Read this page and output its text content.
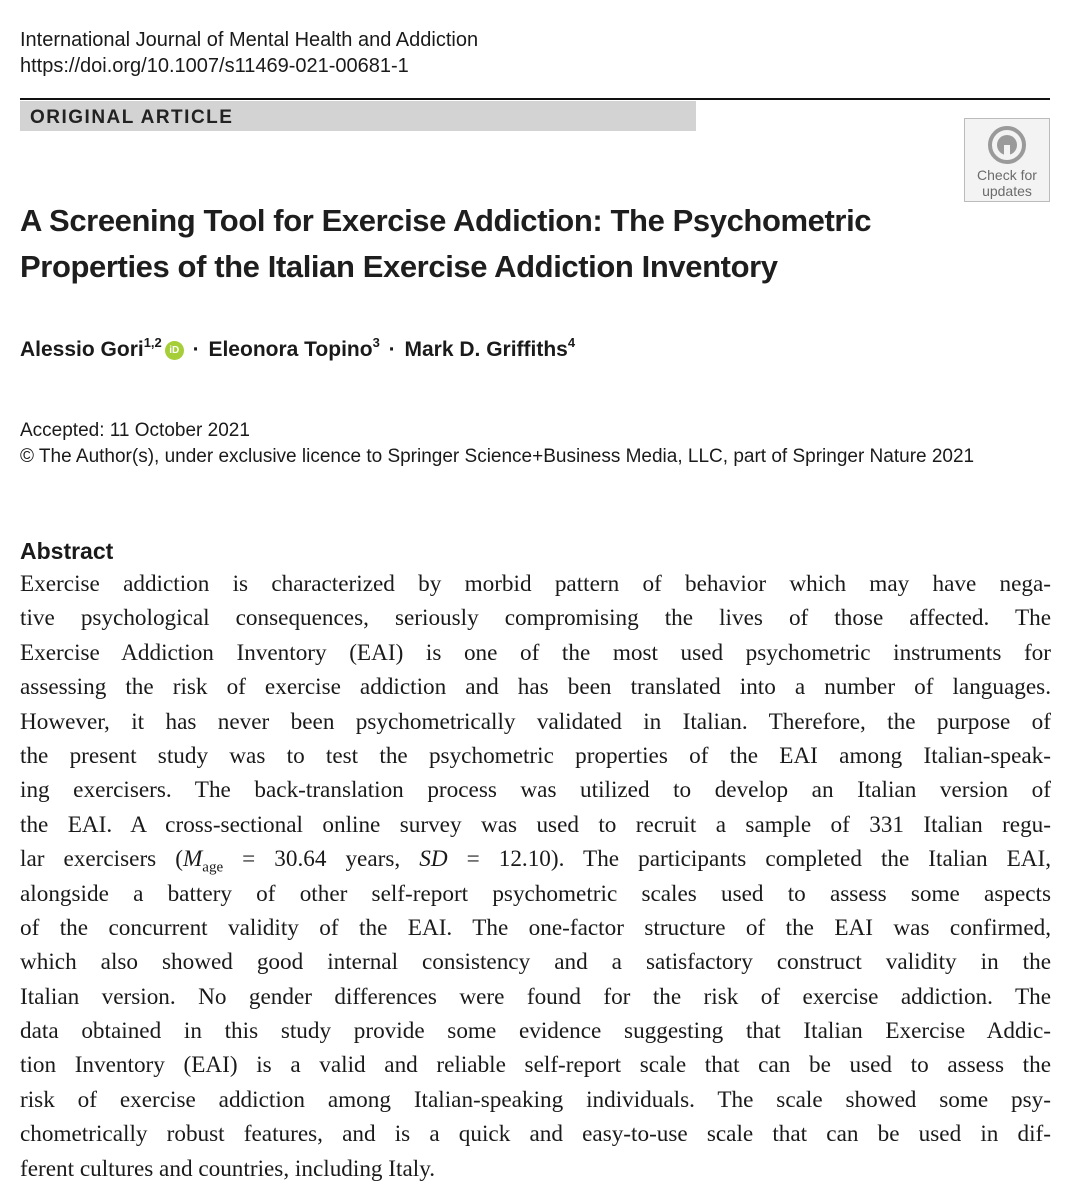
International Journal of Mental Health and Addiction
https://doi.org/10.1007/s11469-021-00681-1
ORIGINAL ARTICLE
Check for
updates
A Screening Tool for Exercise Addiction: The Psychometric
Properties of the Italian Exercise Addiction Inventory
Alessio Gori$^{1,2}$iD · Eleonora Topino$^3$ · Mark D. Griffiths$^4$
Accepted: 11 October 2021
© The Author(s), under exclusive licence to Springer Science+Business Media, LLC, part of Springer Nature 2021
Abstract
Exercise addiction is characterized by morbid pattern of behavior which may have nega-
tive psychological consequences, seriously compromising the lives of those affected. The
Exercise Addiction Inventory (EAI) is one of the most used psychometric instruments for
assessing the risk of exercise addiction and has been translated into a number of languages.
However, it has never been psychometrically validated in Italian. Therefore, the purpose of
the present study was to test the psychometric properties of the EAI among Italian-speak-
ing exercisers. The back-translation process was utilized to develop an Italian version of
the EAI. A cross-sectional online survey was used to recruit a sample of 331 Italian regu-
lar exercisers ($M_{age} = 30.64$ years, SD = 12.10). The participants completed the Italian EAI,
alongside a battery of other self-report psychometric scales used to assess some aspects
of the concurrent validity of the EAI. The one-factor structure of the EAI was confirmed,
which also showed good internal consistency and a satisfactory construct validity in the
Italian version. No gender differences were found for the risk of exercise addiction. The
data obtained in this study provide some evidence suggesting that Italian Exercise Addic-
tion Inventory (EAI) is a valid and reliable self-report scale that can be used to assess the
risk of exercise addiction among Italian-speaking individuals. The scale showed some psy-
chometrically robust features, and is a quick and easy-to-use scale that can be used in dif-
ferent cultures and countries, including Italy.
